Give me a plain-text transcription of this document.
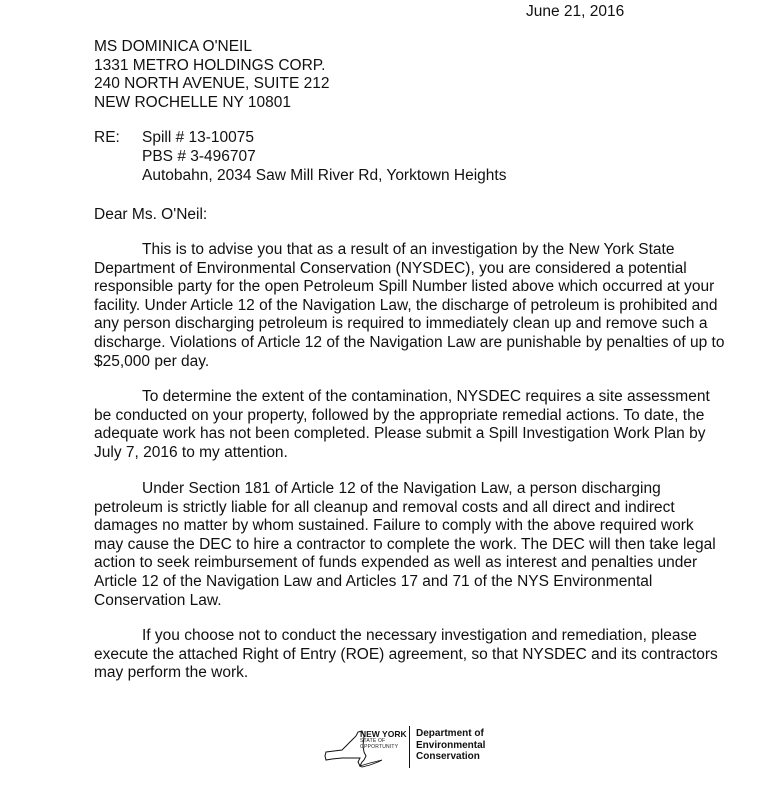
June 21, 2016
MS DOMINICA O'NEIL
1331 METRO HOLDINGS CORP.
240 NORTH AVENUE, SUITE 212
NEW ROCHELLE NY 10801
RE: Spill # 13-10075
PBS # 3-496707
Autobahn, 2034 Saw Mill River Rd, Yorktown Heights
Dear Ms. O'Neil:

This is to advise you that as a result of an investigation by the New York State Department of Environmental Conservation (NYSDEC), you are considered a potential responsible party for the open Petroleum Spill Number listed above which occurred at your facility. Under Article 12 of the Navigation Law, the discharge of petroleum is prohibited and any person discharging petroleum is required to immediately clean up and remove such a discharge. Violations of Article 12 of the Navigation Law are punishable by penalties of up to $25,000 per day.

To determine the extent of the contamination, NYSDEC requires a site assessment be conducted on your property, followed by the appropriate remedial actions. To date, the adequate work has not been completed. Please submit a Spill Investigation Work Plan by July 7, 2016 to my attention.

Under Section 181 of Article 12 of the Navigation Law, a person discharging petroleum is strictly liable for all cleanup and removal costs and all direct and indirect damages no matter by whom sustained. Failure to comply with the above required work may cause the DEC to hire a contractor to complete the work. The DEC will then take legal action to seek reimbursement of funds expended as well as interest and penalties under Article 12 of the Navigation Law and Articles 17 and 71 of the NYS Environmental Conservation Law.

If you choose not to conduct the necessary investigation and remediation, please execute the attached Right of Entry (ROE) agreement, so that NYSDEC and its contractors may perform the work.

NEW YORK
STATE OF
OPPORTUNITY
Department of
Environmental
Conservation
